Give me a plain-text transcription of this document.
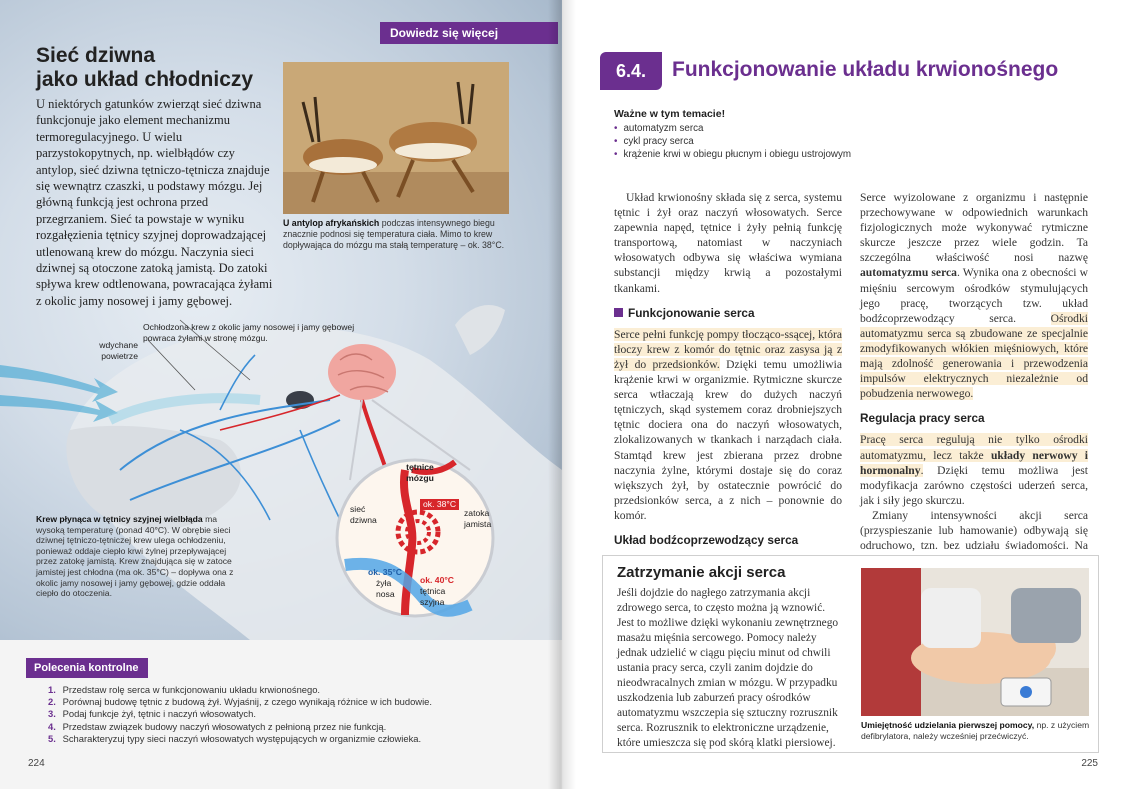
Ochłodzona krew z okolic jamy nosowej i jamy gębowej powraca żyłami w stronę mózgu.
wdychane powietrze
tętnice mózgu
sieć dziwna
ok. 38°C
zatoka jamista
ok. 35°C
żyła nosa
ok. 40°C
tętnica szyjna
Dowiedz się więcej
Sieć dziwna
jako układ chłodniczy

U niektórych gatunków zwierząt sieć dziwna funkcjonuje jako element mechanizmu termoregulacyjnego. U wielu parzystokopytnych, np. wielbłądów czy antylop, sieć dziwna tętniczo-tętnicza znajduje się wewnątrz czaszki, u podstawy mózgu. Jej główną funkcją jest ochrona przed przegrzaniem. Sieć ta powstaje w wyniku rozgałęzienia tętnicy szyjnej doprowadzającej utlenowaną krew do mózgu. Naczynia sieci dziwnej są otoczone zatoką jamistą. Do zatoki spływa krew odtlenowana, powracająca żyłami z okolic jamy nosowej i jamy gębowej.

U antylop afrykańskich podczas intensywnego biegu znacznie podnosi się temperatura ciała. Mimo to krew dopływająca do mózgu ma stałą temperaturę – ok. 38°C.

Krew płynąca w tętnicy szyjnej wielbłąda ma wysoką temperaturę (ponad 40°C). W obrębie sieci dziwnej tętniczo-tętniczej krew ulega ochłodzeniu, ponieważ oddaje ciepło krwi żylnej przepływającej przez zatokę jamistą. Krew znajdująca się w zatoce jamistej jest chłodna (ma ok. 35°C) – dopływa ona z okolic jamy nosowej i jamy gębowej, gdzie oddała ciepło do otoczenia.

Polecenia kontrolne
1. Przedstaw rolę serca w funkcjonowaniu układu krwionośnego.
2. Porównaj budowę tętnic z budową żył. Wyjaśnij, z czego wynikają różnice w ich budowie.
3. Podaj funkcje żył, tętnic i naczyń włosowatych.
4. Przedstaw związek budowy naczyń włosowatych z pełnioną przez nie funkcją.
5. Scharakteryzuj typy sieci naczyń włosowatych występujących w organizmie człowieka.
224
6.4.	Funkcjonowanie układu krwionośnego

Ważne w tym temacie!

• automatyzm serca
• cykl pracy serca
• krążenie krwi w obiegu płucnym i obiegu ustrojowym

Układ krwionośny składa się z serca, systemu tętnic i żył oraz naczyń włosowatych. Serce zapewnia napęd, tętnice i żyły pełnią funkcję transportową, natomiast w naczyniach włosowatych odbywa się właściwa wymiana substancji między krwią a pozostałymi tkankami.

Funkcjonowanie serca

Serce pełni funkcję pompy tłocząco-ssącej, która tłoczy krew z komór do tętnic oraz zasysa ją z żył do przedsionków. Dzięki temu umożliwia krążenie krwi w organizmie. Rytmiczne skurcze serca wtłaczają krew do dużych naczyń tętniczych, skąd systemem coraz drobniejszych tętnic dociera ona do naczyń włosowatych, zlokalizowanych w tkankach i narządach ciała. Stamtąd krew jest zbierana przez drobne naczynia żylne, którymi dostaje się do coraz większych żył, by ostatecznie powrócić do przedsionków serca, a z nich – ponownie do komór.

Układ bodźcoprzewodzący serca

Serce wyizolowane z organizmu i następnie przechowywane w odpowiednich warunkach fizjologicznych może wykonywać rytmiczne skurcze jeszcze przez wiele godzin. Ta szczególna właściwość nosi nazwę automatyzmu serca. Wynika ona z obecności w mięśniu sercowym ośrodków stymulujących jego pracę, tworzących tzw. układ bodźcoprzewodzący serca. Ośrodki automatyzmu serca są zbudowane ze specjalnie zmodyfikowanych włókien mięśniowych, które mają zdolność generowania i przewodzenia impulsów elektrycznych niezależnie od pobudzenia nerwowego.

Regulacja pracy serca

Pracę serca regulują nie tylko ośrodki automatyzmu, lecz także układy nerwowy i hormonalny. Dzięki temu możliwa jest modyfikacja zarówno częstości uderzeń serca, jak i siły jego skurczu.

Zmiany intensywności akcji serca (przyspieszanie lub hamowanie) odbywają się odruchowo, tzn. bez udziału świadomości. Na

Zatrzymanie akcji serca

Jeśli dojdzie do nagłego zatrzymania akcji zdrowego serca, to często można ją wznowić. Jest to możliwe dzięki wykonaniu zewnętrznego masażu mięśnia sercowego. Pomocy należy jednak udzielić w ciągu pięciu minut od chwili ustania pracy serca, czyli zanim dojdzie do nieodwracalnych zmian w mózgu. W przypadku uszkodzenia lub zaburzeń pracy ośrodków automatyzmu wszczepia się sztuczny rozrusznik serca. Rozrusznik to elektroniczne urządzenie, które umieszcza się pod skórą klatki piersiowej.

Umiejętność udzielania pierwszej pomocy, np. z użyciem defibrylatora, należy wcześniej przećwiczyć.

225
